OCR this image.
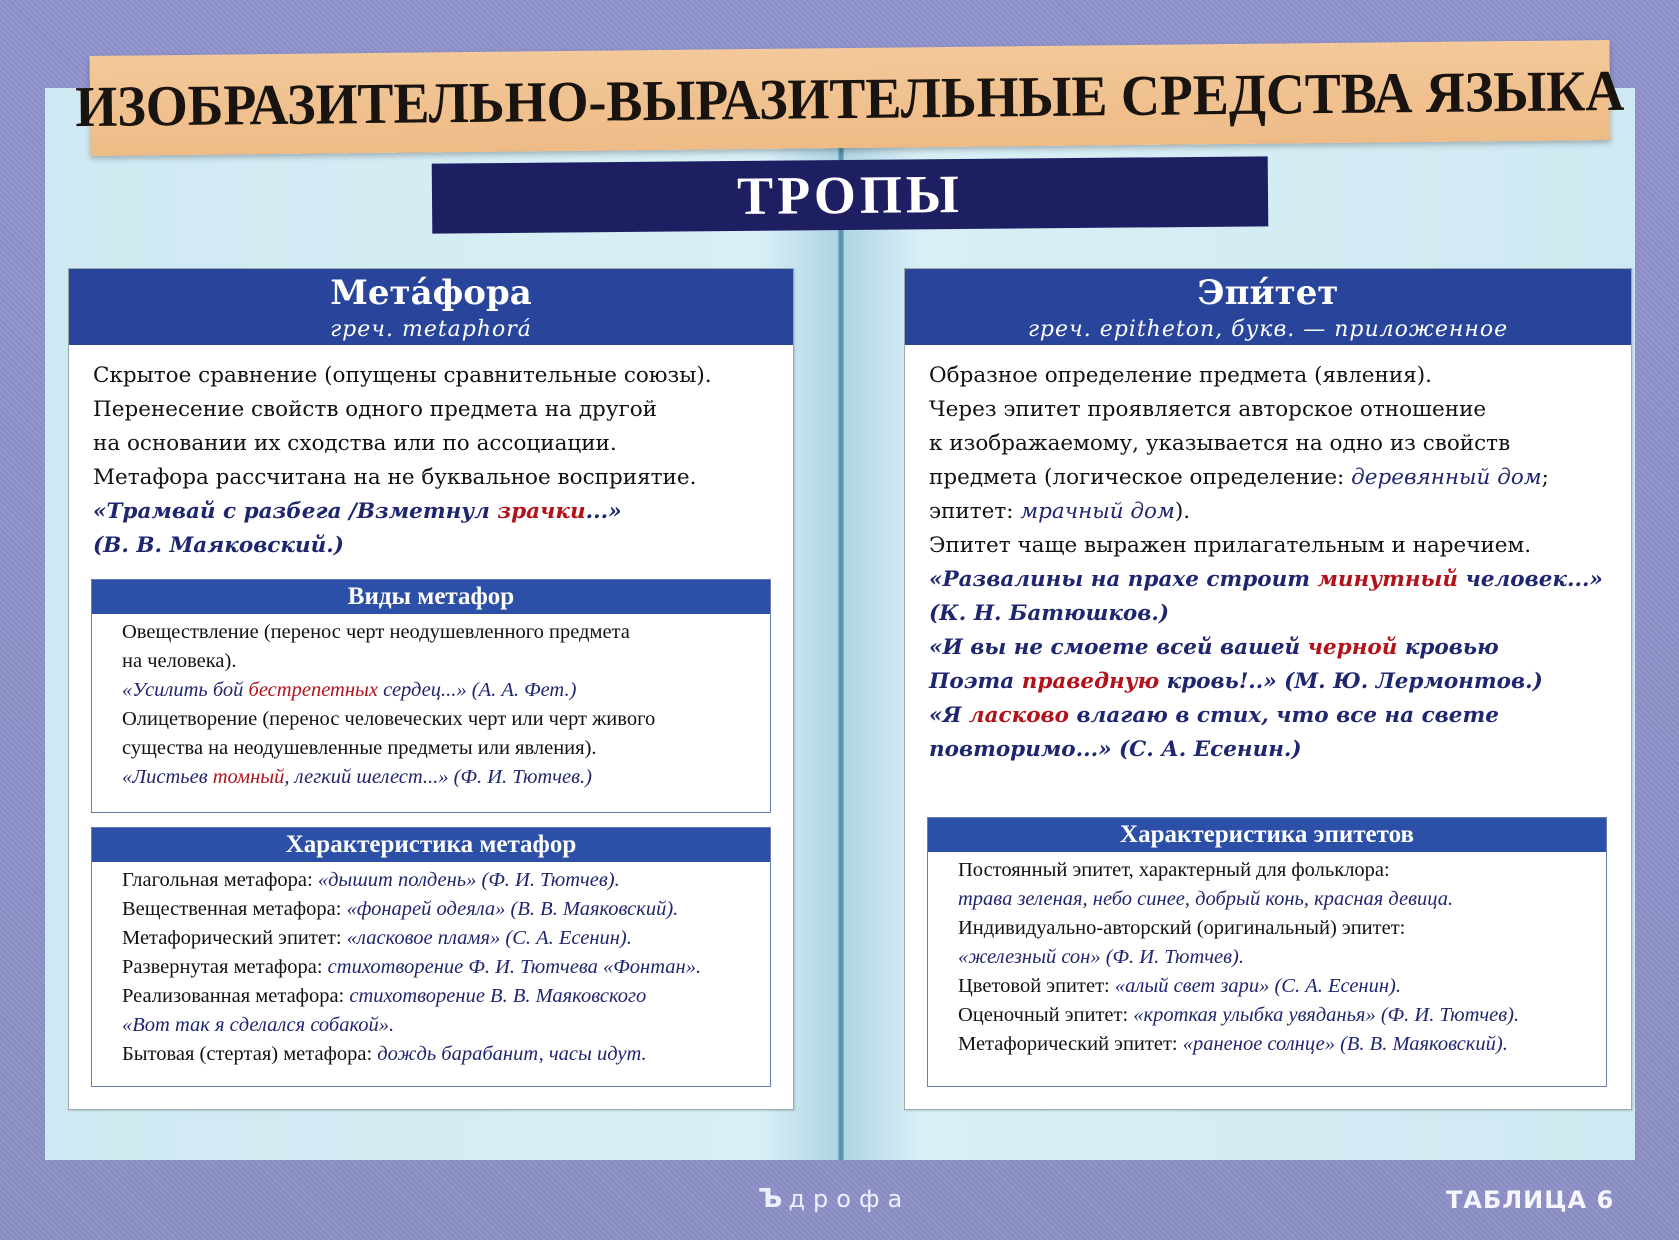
ИЗОБРАЗИТЕЛЬНО-ВЫРАЗИТЕЛЬНЫЕ СРЕДСТВА ЯЗЫКА
ТРОПЫ
Мета́фора
греч. metaphorá
Скрытое сравнение (опущены сравнительные союзы).
Перенесение свойств одного предмета на другой
на основании их сходства или по ассоциации.
Метафора рассчитана на не буквальное восприятие.
«Трамвай с разбега /Взметнул зрачки...»
(В. В. Маяковский.)
Виды метафор
Овеществление (перенос черт неодушевленного предмета
на человека).
«Усилить бой бестрепетных сердец...» (А. А. Фет.)
Олицетворение (перенос человеческих черт или черт живого
существа на неодушевленные предметы или явления).
«Листьев томный, легкий шелест...» (Ф. И. Тютчев.)
Характеристика метафор
Глагольная метафора: «дышит полдень» (Ф. И. Тютчев).
Вещественная метафора: «фонарей одеяла» (В. В. Маяковский).
Метафорический эпитет: «ласковое пламя» (С. А. Есенин).
Развернутая метафора: стихотворение Ф. И. Тютчева «Фонтан».
Реализованная метафора: стихотворение В. В. Маяковского
«Вот так я сделался собакой».
Бытовая (стертая) метафора: дождь барабанит, часы идут.
Эпи́тет
греч. epitheton, букв. — приложенное
Образное определение предмета (явления).
Через эпитет проявляется авторское отношение
к изображаемому, указывается на одно из свойств
предмета (логическое определение: деревянный дом;
эпитет: мрачный дом).
Эпитет чаще выражен прилагательным и наречием.
«Развалины на прахе строит минутный человек...»
(К. Н. Батюшков.)
«И вы не смоете всей вашей черной кровью
Поэта праведную кровь!..» (М. Ю. Лермонтов.)
«Я ласково влагаю в стих, что все на свете
повторимо...» (С. А. Есенин.)
Характеристика эпитетов
Постоянный эпитет, характерный для фольклора:
трава зеленая, небо синее, добрый конь, красная девица.
Индивидуально-авторский (оригинальный) эпитет:
«железный сон» (Ф. И. Тютчев).
Цветовой эпитет: «алый свет зари» (С. А. Есенин).
Оценочный эпитет: «кроткая улыбка увяданья» (Ф. И. Тютчев).
Метафорический эпитет: «раненое солнце» (В. В. Маяковский).
Ъ дрофа	ТАБЛИЦА 6
